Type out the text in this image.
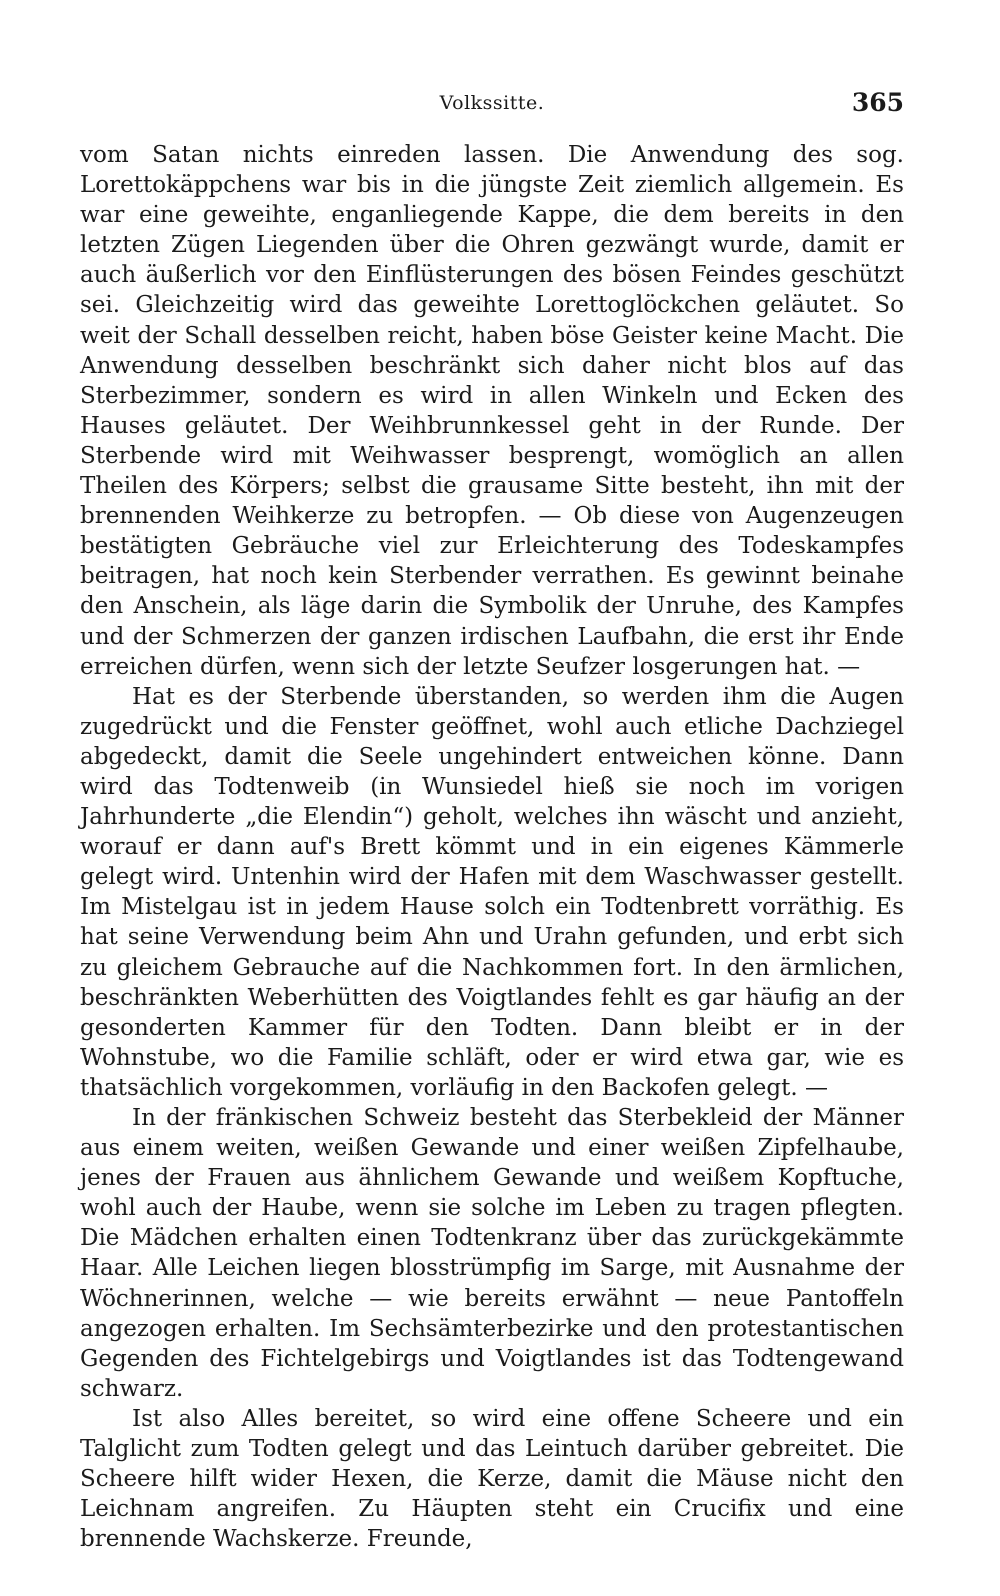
Volkssitte.	365

vom Satan nichts einreden lassen. Die Anwendung des sog. Lorettokäppchens war bis in die jüngste Zeit ziemlich allgemein. Es war eine geweihte, enganliegende Kappe, die dem bereits in den letzten Zügen Liegenden über die Ohren gezwängt wurde, damit er auch äußerlich vor den Einflüsterungen des bösen Feindes geschützt sei. Gleichzeitig wird das geweihte Lorettoglöckchen geläutet. So weit der Schall desselben reicht, haben böse Geister keine Macht. Die Anwendung desselben beschränkt sich daher nicht blos auf das Sterbezimmer, sondern es wird in allen Winkeln und Ecken des Hauses geläutet. Der Weihbrunnkessel geht in der Runde. Der Sterbende wird mit Weihwasser besprengt, womöglich an allen Theilen des Körpers; selbst die grausame Sitte besteht, ihn mit der brennenden Weihkerze zu betropfen. — Ob diese von Augenzeugen bestätigten Gebräuche viel zur Erleichterung des Todeskampfes beitragen, hat noch kein Sterbender verrathen. Es gewinnt beinahe den Anschein, als läge darin die Symbolik der Unruhe, des Kampfes und der Schmerzen der ganzen irdischen Laufbahn, die erst ihr Ende erreichen dürfen, wenn sich der letzte Seufzer losgerungen hat. —

Hat es der Sterbende überstanden, so werden ihm die Augen zugedrückt und die Fenster geöffnet, wohl auch etliche Dachziegel abgedeckt, damit die Seele ungehindert entweichen könne. Dann wird das Todtenweib (in Wunsiedel hieß sie noch im vorigen Jahrhunderte „die Elendin“) geholt, welches ihn wäscht und anzieht, worauf er dann auf's Brett kömmt und in ein eigenes Kämmerle gelegt wird. Untenhin wird der Hafen mit dem Waschwasser gestellt. Im Mistelgau ist in jedem Hause solch ein Todtenbrett vorräthig. Es hat seine Verwendung beim Ahn und Urahn gefunden, und erbt sich zu gleichem Gebrauche auf die Nachkommen fort. In den ärmlichen, beschränkten Weberhütten des Voigtlandes fehlt es gar häufig an der gesonderten Kammer für den Todten. Dann bleibt er in der Wohnstube, wo die Familie schläft, oder er wird etwa gar, wie es thatsächlich vorgekommen, vorläufig in den Backofen gelegt. —

In der fränkischen Schweiz besteht das Sterbekleid der Männer aus einem weiten, weißen Gewande und einer weißen Zipfelhaube, jenes der Frauen aus ähnlichem Gewande und weißem Kopftuche, wohl auch der Haube, wenn sie solche im Leben zu tragen pflegten. Die Mädchen erhalten einen Todtenkranz über das zurückgekämmte Haar. Alle Leichen liegen blosstrümpfig im Sarge, mit Ausnahme der Wöchnerinnen, welche — wie bereits erwähnt — neue Pantoffeln angezogen erhalten. Im Sechsämterbezirke und den protestantischen Gegenden des Fichtelgebirgs und Voigtlandes ist das Todtengewand schwarz.

Ist also Alles bereitet, so wird eine offene Scheere und ein Talglicht zum Todten gelegt und das Leintuch darüber gebreitet. Die Scheere hilft wider Hexen, die Kerze, damit die Mäuse nicht den Leichnam angreifen. Zu Häupten steht ein Crucifix und eine brennende Wachskerze. Freunde,
